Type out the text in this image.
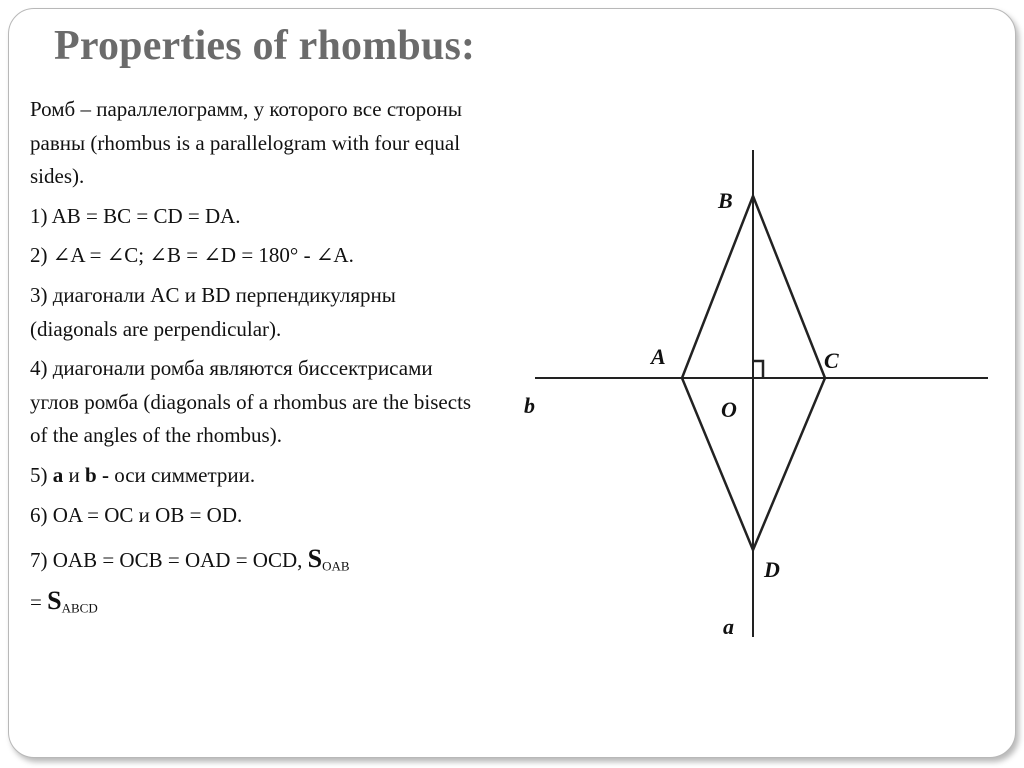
Properties of rhombus:

Ромб – параллелограмм, у которого все стороны равны (rhombus is a parallelogram with four equal sides).

1) AB = BC = CD = DA.

2) ∠A = ∠C; ∠B = ∠D = 180° - ∠A.

3) диагонали AC и BD перпендикулярны (diagonals are perpendicular).

4) диагонали ромба являются биссектрисами углов ромба (diagonals of a rhombus are the bisects of the angles of the rhombus).

5) a и b - оси симметрии.

6) OA = OC и OB = OD.

7) OAB = OCB = OAD = OCD, $S_{OAB}$
= $S_{ABCD}$

B
A	C
O
D
b
a
